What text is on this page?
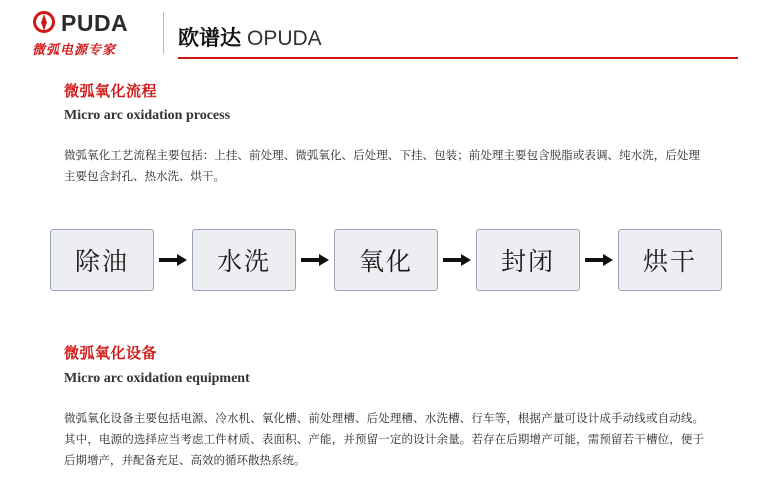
PUDA
微弧电源专家	欧谱达 OPUDA
微弧氧化流程
Micro arc oxidation process
微弧氧化工艺流程主要包括：上挂、前处理、微弧氧化、后处理、下挂、包装；前处理主要包含脱脂或表调、纯水洗，后处理主要包含封孔、热水洗、烘干。
除油	水洗	氧化	封闭	烘干
微弧氧化设备
Micro arc oxidation equipment
微弧氧化设备主要包括电源、冷水机、氧化槽、前处理槽、后处理槽、水洗槽、行车等，根据产量可设计成手动线或自动线。其中，电源的选择应当考虑工件材质、表面积、产能，并预留一定的设计余量。若存在后期增产可能，需预留若干槽位，便于后期增产，并配备充足、高效的循环散热系统。
